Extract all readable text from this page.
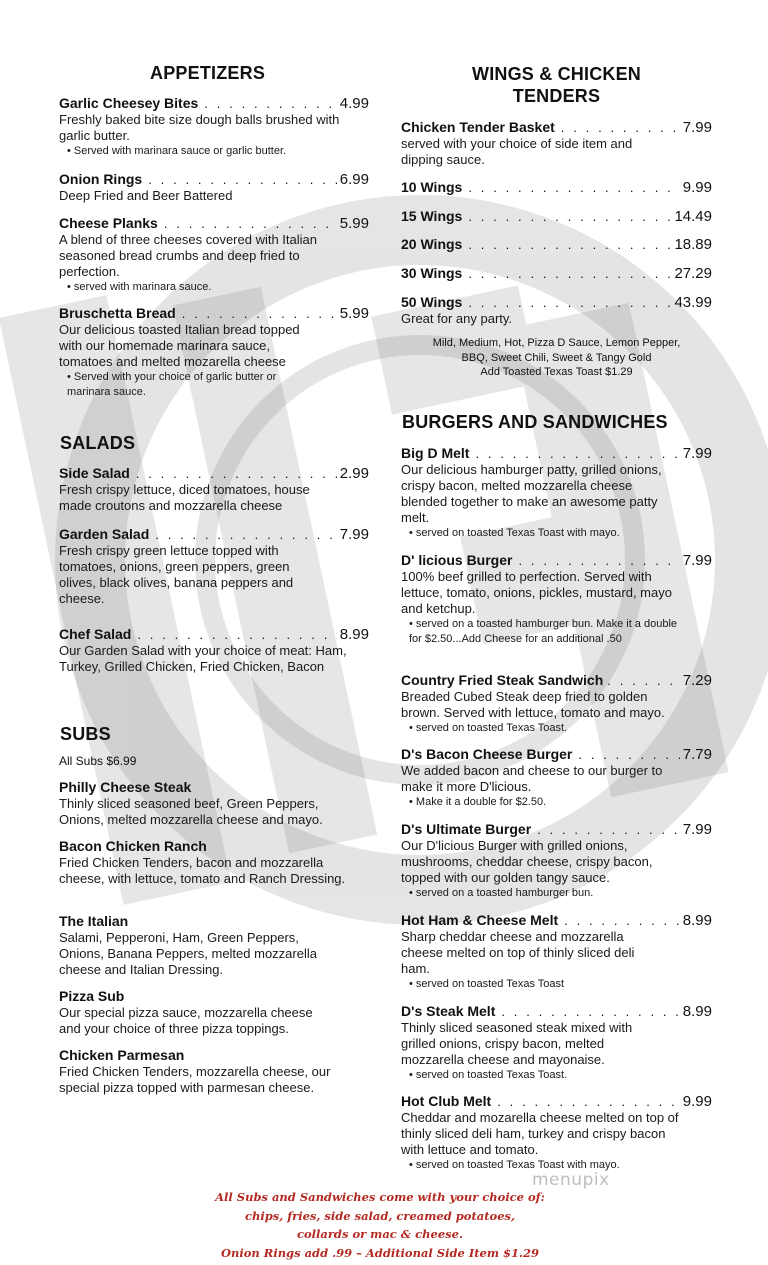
APPETIZERS
Garlic Cheesey Bites . . .	4.99
Freshly baked bite size dough balls brushed with garlic butter.
• Served with marinara sauce or garlic butter.
Onion Rings . . .	6.99
Deep Fried and Beer Battered
Cheese Planks . . .	5.99
A blend of three cheeses covered with Italian seasoned bread crumbs and deep fried to perfection.
• served with marinara sauce.
Bruschetta Bread . . .	5.99
Our delicious toasted Italian bread topped with our homemade marinara sauce, tomatoes and melted mozarella cheese
• Served with your choice of garlic butter or marinara sauce.
SALADS
Side Salad . . .	2.99
Fresh crispy lettuce, diced tomatoes, house made croutons and mozzarella cheese
Garden Salad . . .	7.99
Fresh crispy green lettuce topped with tomatoes, onions, green peppers, green olives, black olives, banana peppers and cheese.
Chef Salad . . .	8.99
Our Garden Salad with your choice of meat: Ham, Turkey, Grilled Chicken, Fried Chicken, Bacon
SUBS
All Subs $6.99
Philly Cheese Steak
Thinly sliced seasoned beef, Green Peppers, Onions, melted mozzarella cheese and mayo.
Bacon Chicken Ranch
Fried Chicken Tenders, bacon and mozzarella cheese, with lettuce, tomato and Ranch Dressing.
The Italian
Salami, Pepperoni, Ham, Green Peppers, Onions, Banana Peppers, melted mozzarella cheese and Italian Dressing.
Pizza Sub
Our special pizza sauce, mozzarella cheese and your choice of three pizza toppings.
Chicken Parmesan
Fried Chicken Tenders, mozzarella cheese, our special pizza topped with parmesan cheese.
WINGS & CHICKEN
TENDERS
Chicken Tender Basket . . .	7.99
served with your choice of side item and dipping sauce.
10 Wings . . .	9.99
15 Wings . . .	14.49
20 Wings . . .	18.89
30 Wings . . .	27.29
50 Wings . . .	43.99
Great for any party.
Mild, Medium, Hot, Pizza D Sauce, Lemon Pepper, BBQ, Sweet Chili, Sweet & Tangy Gold
Add Toasted Texas Toast $1.29
BURGERS AND SANDWICHES
Big D Melt . . .	7.99
Our delicious hamburger patty, grilled onions, crispy bacon, melted mozzarella cheese blended together to make an awesome patty melt.
• served on toasted Texas Toast with mayo.
D' licious Burger . . .	7.99
100% beef grilled to perfection. Served with lettuce, tomato, onions, pickles, mustard, mayo and ketchup.
• served on a toasted hamburger bun. Make it a double for $2.50...Add Cheese for an additional .50
Country Fried Steak Sandwich . . .	7.29
Breaded Cubed Steak deep fried to golden brown. Served with lettuce, tomato and mayo.
• served on toasted Texas Toast.
D's Bacon Cheese Burger . . .	7.79
We added bacon and cheese to our burger to make it more D'licious.
• Make it a double for $2.50.
D's Ultimate Burger . . .	7.99
Our D'licious Burger with grilled onions, mushrooms, cheddar cheese, crispy bacon, topped with our golden tangy sauce.
• served on a toasted hamburger bun.
Hot Ham & Cheese Melt . . .	8.99
Sharp cheddar cheese and mozzarella cheese melted on top of thinly sliced deli ham.
• served on toasted Texas Toast
D's Steak Melt . . .	8.99
Thinly sliced seasoned steak mixed with grilled onions, crispy bacon, melted mozzarella cheese and mayonaise.
• served on toasted Texas Toast.
Hot Club Melt . . .	9.99
Cheddar and mozarella cheese melted on top of thinly sliced deli ham, turkey and crispy bacon with lettuce and tomato.
• served on toasted Texas Toast with mayo.
menupix
All Subs and Sandwiches come with your choice of:
chips, fries, side salad, creamed potatoes,
collards or mac & cheese.
Onion Rings add .99 – Additional Side Item $1.29
